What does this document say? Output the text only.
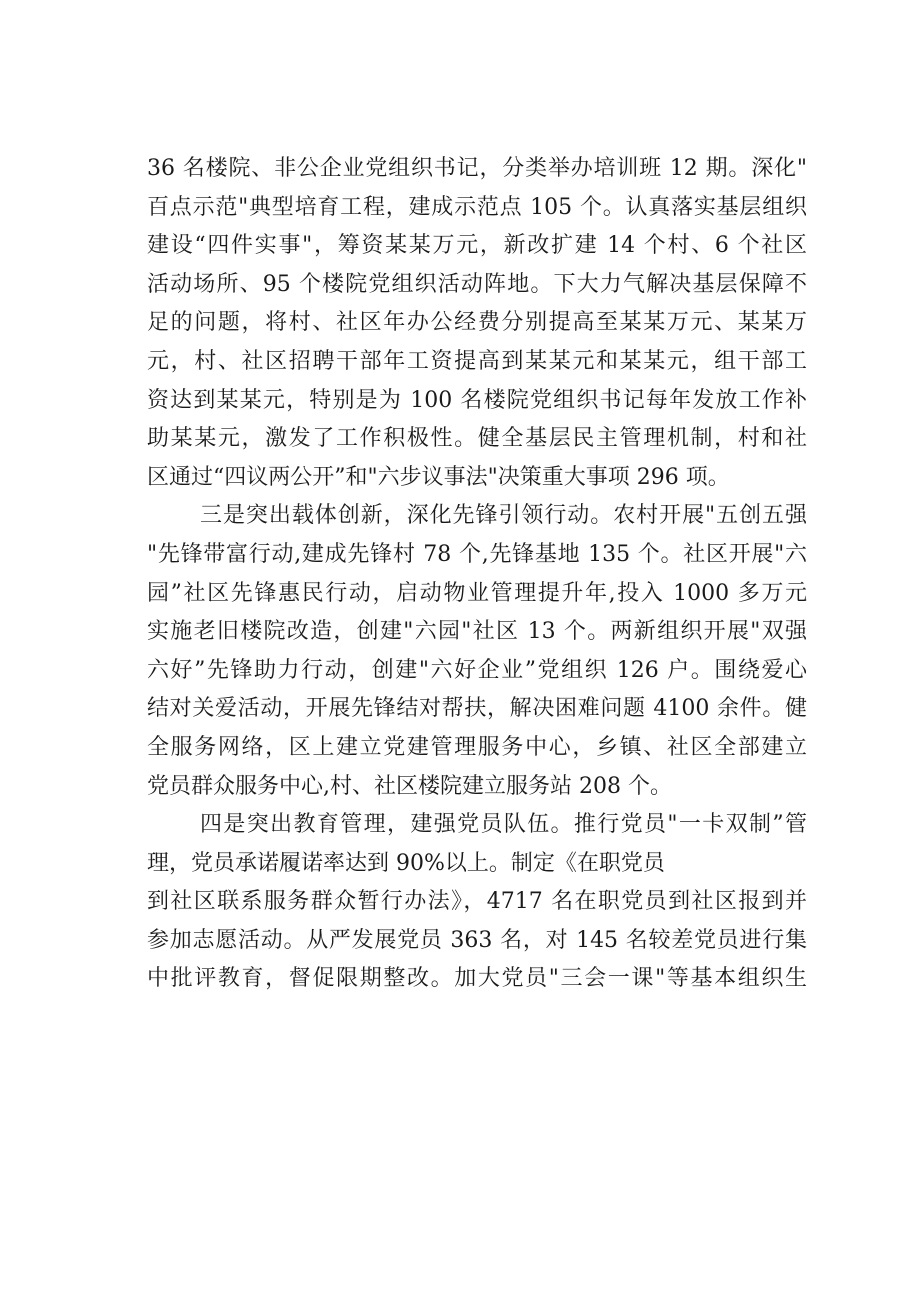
36 名楼院、非公企业党组织书记，分类举办培训班 12 期。深化"
百点示范"典型培育工程，建成示范点 105 个。认真落实基层组织
建设“四件实事"，筹资某某万元，新改扩建 14 个村、6 个社区
活动场所、95 个楼院党组织活动阵地。下大力气解决基层保障不
足的问题，将村、社区年办公经费分别提高至某某万元、某某万
元，村、社区招聘干部年工资提高到某某元和某某元，组干部工
资达到某某元，特别是为 100 名楼院党组织书记每年发放工作补
助某某元，激发了工作积极性。健全基层民主管理机制，村和社
区通过“四议两公开”和"六步议事法"决策重大事项 296 项。
三是突出载体创新，深化先锋引领行动。农村开展"五创五强
"先锋带富行动,建成先锋村 78 个,先锋基地 135 个。社区开展"六
园”社区先锋惠民行动，启动物业管理提升年,投入 1000 多万元
实施老旧楼院改造，创建"六园"社区 13 个。两新组织开展"双强
六好”先锋助力行动，创建"六好企业”党组织 126 户。围绕爱心
结对关爱活动，开展先锋结对帮扶，解决困难问题 4100 余件。健
全服务网络，区上建立党建管理服务中心，乡镇、社区全部建立
党员群众服务中心,村、社区楼院建立服务站 208 个。
四是突出教育管理，建强党员队伍。推行党员"一卡双制”管
理，党员承诺履诺率达到 90%以上。制定《在职党员
到社区联系服务群众暂行办法》，4717 名在职党员到社区报到并
参加志愿活动。从严发展党员 363 名，对 145 名较差党员进行集
中批评教育，督促限期整改。加大党员"三会一课"等基本组织生
